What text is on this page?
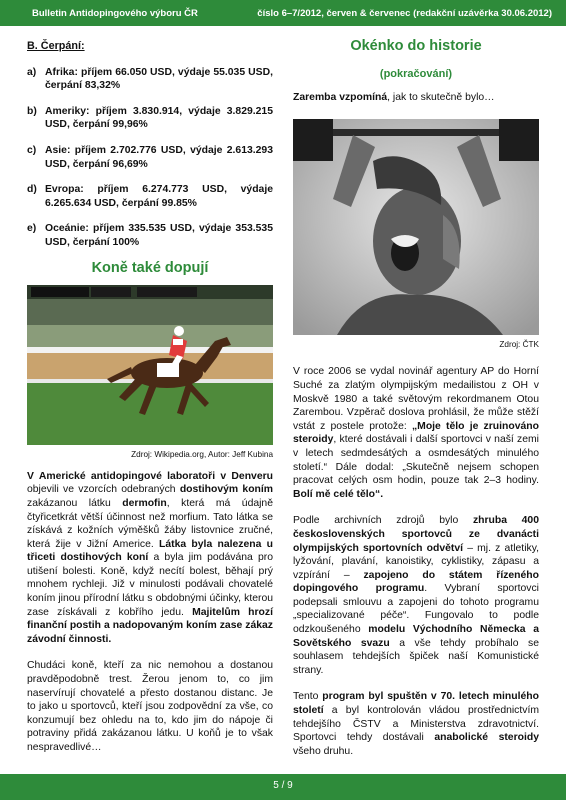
Bulletin Antidopingového výboru ČR	číslo 6–7/2012, červen & červenec (redakční uzávěrka 30.06.2012)

B. Čerpání:

a) Afrika: příjem 66.050 USD, výdaje 55.035 USD, čerpání 83,32%
b) Ameriky: příjem 3.830.914, výdaje 3.829.215 USD, čerpání 99,96%
c) Asie: příjem 2.702.776 USD, výdaje 2.613.293 USD, čerpání 96,69%
d) Evropa: příjem 6.274.773 USD, výdaje 6.265.634 USD, čerpání 99.85%
e) Oceánie: příjem 335.535 USD, výdaje 353.535 USD, čerpání 100%
Koně také dopují
Zdroj: Wikipedia.org, Autor: Jeff Kubina

V Americké antidopingové laboratoři v Denveru objevili ve vzorcích odebraných dostihovým koním zakázanou látku dermofin, která má údajně čtyřicetkrát větší účinnost než morfium. Tato látka se získává z kožních výměšků žáby listovnice zručné, která žije v Jižní Americe. Látka byla nalezena u třiceti dostihových koní a byla jim podávána pro utišení bolesti. Koně, když necítí bolest, běhají prý mnohem rychleji. Již v minulosti podávali chovatelé koním jinou přírodní látku s obdobnými účinky, kterou zase získávali z kobřího jedu. Majitelům hrozí finanční postih a nadopovaným koním zase zákaz závodní činnosti.

Chudáci koně, kteří za nic nemohou a dostanou pravděpodobně trest. Žerou jenom to, co jim naservírují chovatelé a přesto dostanou distanc. Je to jako u sportovců, kteří jsou zodpovědní za vše, co konzumují bez ohledu na to, kdo jim do nápoje či potraviny přidá zakázanou látku. U koňů je to však nespravedlivé…

Okénko do historie
(pokračování)

Zaremba vzpomíná, jak to skutečně bylo…

Zdroj: ČTK

V roce 2006 se vydal novinář agentury AP do Horní Suché za zlatým olympijským medailistou z OH v Moskvě 1980 a také světovým rekordmanem Otou Zarembou. Vzpěrač doslova prohlásil, že může stěží vstát z postele protože: „Moje tělo je zruinováno steroidy, které dostávali i další sportovci v naší zemi v letech sedmdesátých a osmdesátých minulého století.“ Dále dodal: „Skutečně nejsem schopen pracovat celých osm hodin, pouze tak 2–3 hodiny. Bolí mě celé tělo“.

Podle archivních zdrojů bylo zhruba 400 československých sportovců ze dvanácti olympijských sportovních odvětví – mj. z atletiky, lyžování, plavání, kanoistiky, cyklistiky, zápasu a vzpírání – zapojeno do státem řízeného dopingového programu. Vybraní sportovci podepsali smlouvu a zapojeni do tohoto programu „specializované péče“. Fungovalo to podle odzkoušeného modelu Východního Německa a Sovětského svazu a vše tehdy probíhalo se souhlasem tehdejších špiček naší Komunistické strany.

Tento program byl spuštěn v 70. letech minulého století a byl kontrolován vládou prostřednictvím tehdejšího ČSTV a Ministerstva zdravotnictví. Sportovci tehdy dostávali anabolické steroidy všeho druhu.

5 / 9
